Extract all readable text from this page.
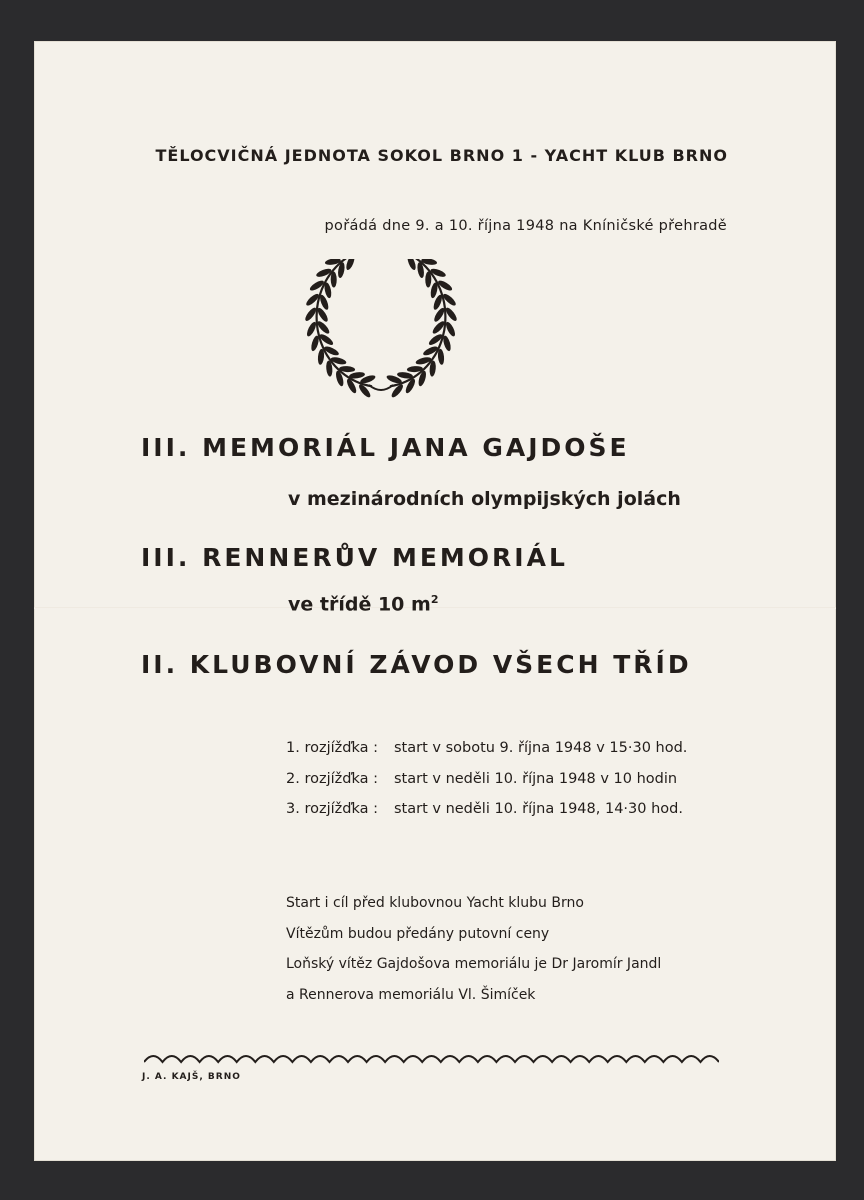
TĚLOCVIČNÁ JEDNOTA SOKOL BRNO 1 - YACHT KLUB BRNO
pořádá dne 9. a 10. října 1948 na Kníničské přehradě
III. MEMORIÁL JANA GAJDOŠE
v mezinárodních olympijských jolách
III. RENNERŮV MEMORIÁL
ve třídě 10 $m^2$
II. KLUBOVNÍ ZÁVOD VŠECH TŘÍD
1. rozjížďka : start v sobotu 9. října 1948 v 15·30 hod.
2. rozjížďka : start v neděli 10. října 1948 v 10 hodin
3. rozjížďka : start v neděli 10. října 1948, 14·30 hod.
Start i cíl před klubovnou Yacht klubu Brno
Vítězům budou předány putovní ceny
Loňský vítěz Gajdošova memoriálu je Dr Jaromír Jandl
a Rennerova memoriálu Vl. Šimíček
J. A. KAJŠ, BRNO
